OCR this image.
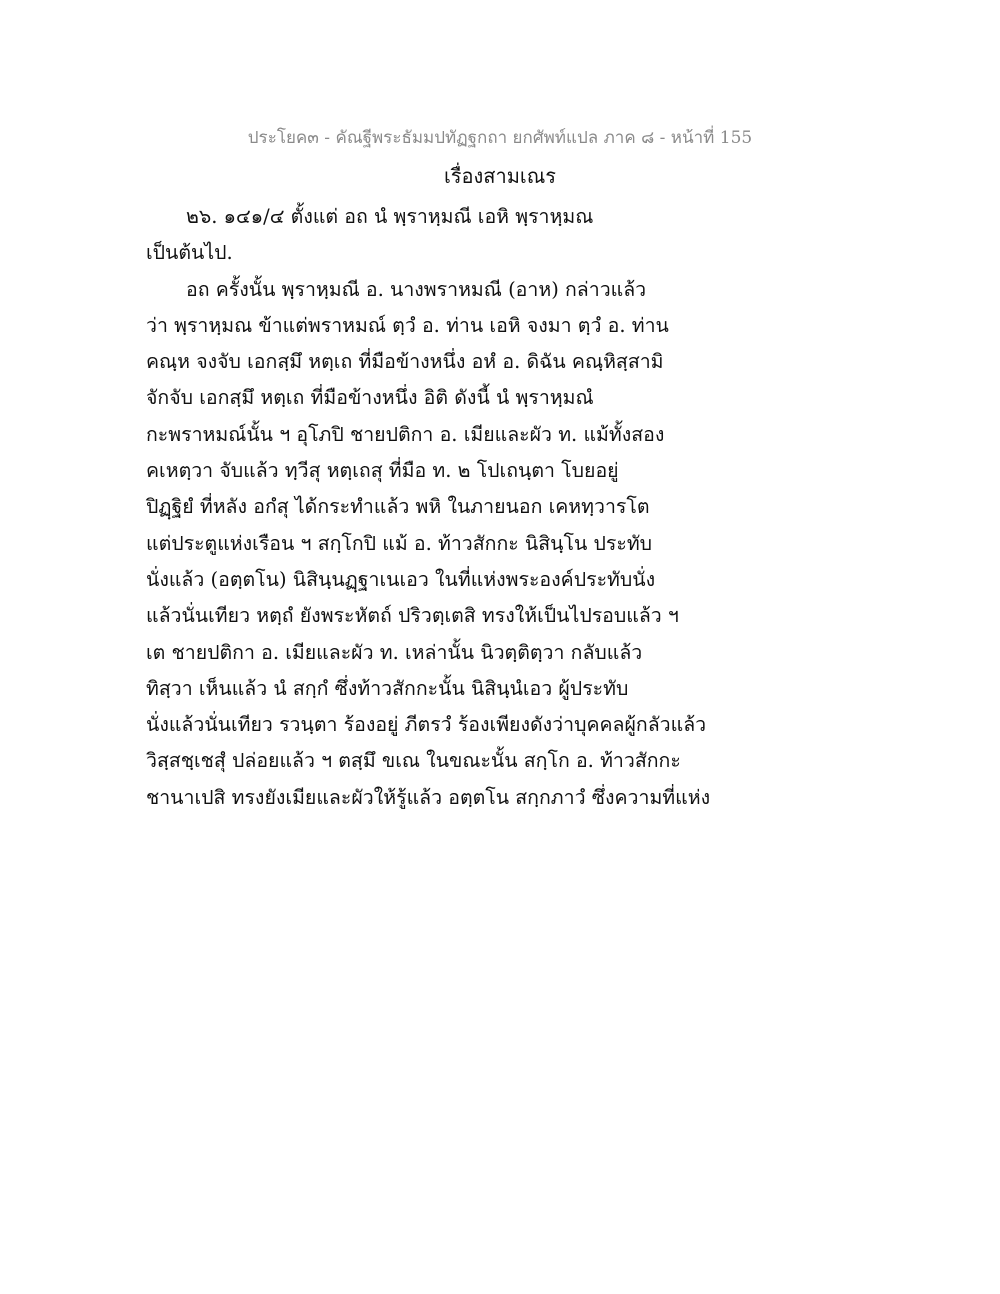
ประโยค๓ - คัณฐีพระธัมมปทัฏฐกถา ยกศัพท์แปล ภาค ๘ - หน้าที่ 155
เรื่องสามเณร
๒๖. ๑๔๑/๔ ตั้งแต่ อถ นํ พฺราหฺมณี เอหิ พฺราหฺมณ
เป็นต้นไป.
อถ ครั้งนั้น พฺราหฺมณี อ. นางพราหมณี (อาห) กล่าวแล้ว
ว่า พฺราหฺมณ ข้าแต่พราหมณ์ ตฺวํ อ. ท่าน เอหิ จงมา ตฺวํ อ. ท่าน
คณฺห จงจับ เอกสฺมึ หตฺเถ ที่มือข้างหนึ่ง อหํ อ. ดิฉัน คณฺหิสฺสามิ
จักจับ เอกสฺมึ หตฺเถ ที่มือข้างหนึ่ง อิติ ดังนี้ นํ พฺราหฺมณํ
กะพราหมณ์นั้น ฯ อุโภปิ ชายปติกา อ. เมียและผัว ท. แม้ทั้งสอง
คเหตฺวา จับแล้ว ทฺวีสุ หตฺเถสุ ที่มือ ท. ๒ โปเถนฺตา โบยอยู่
ปิฏฺฐิยํ ที่หลัง อกํสุ ได้กระทำแล้ว พหิ ในภายนอก เคหทฺวารโต
แต่ประตูแห่งเรือน ฯ สกฺโกปิ แม้ อ. ท้าวสักกะ นิสินฺโน ประทับ
นั่งแล้ว (อตฺตโน) นิสินฺนฏฺฐาเนเอว ในที่แห่งพระองค์ประทับนั่ง
แล้วนั่นเทียว หตฺถํ ยังพระหัตถ์ ปริวตฺเตสิ ทรงให้เป็นไปรอบแล้ว ฯ
เต ชายปติกา อ. เมียและผัว ท. เหล่านั้น นิวตฺติตฺวา กลับแล้ว
ทิสฺวา เห็นแล้ว นํ สกฺกํ ซึ่งท้าวสักกะนั้น นิสินฺนํเอว ผู้ประทับ
นั่งแล้วนั่นเทียว รวนฺตา ร้องอยู่ ภีตรวํ ร้องเพียงดังว่าบุคคลผู้กลัวแล้ว
วิสฺสชฺเชสุํ ปล่อยแล้ว ฯ ตสฺมึ ขเณ ในขณะนั้น สกฺโก อ. ท้าวสักกะ
ชานาเปสิ ทรงยังเมียและผัวให้รู้แล้ว อตฺตโน สกฺกภาวํ ซึ่งความที่แห่ง
